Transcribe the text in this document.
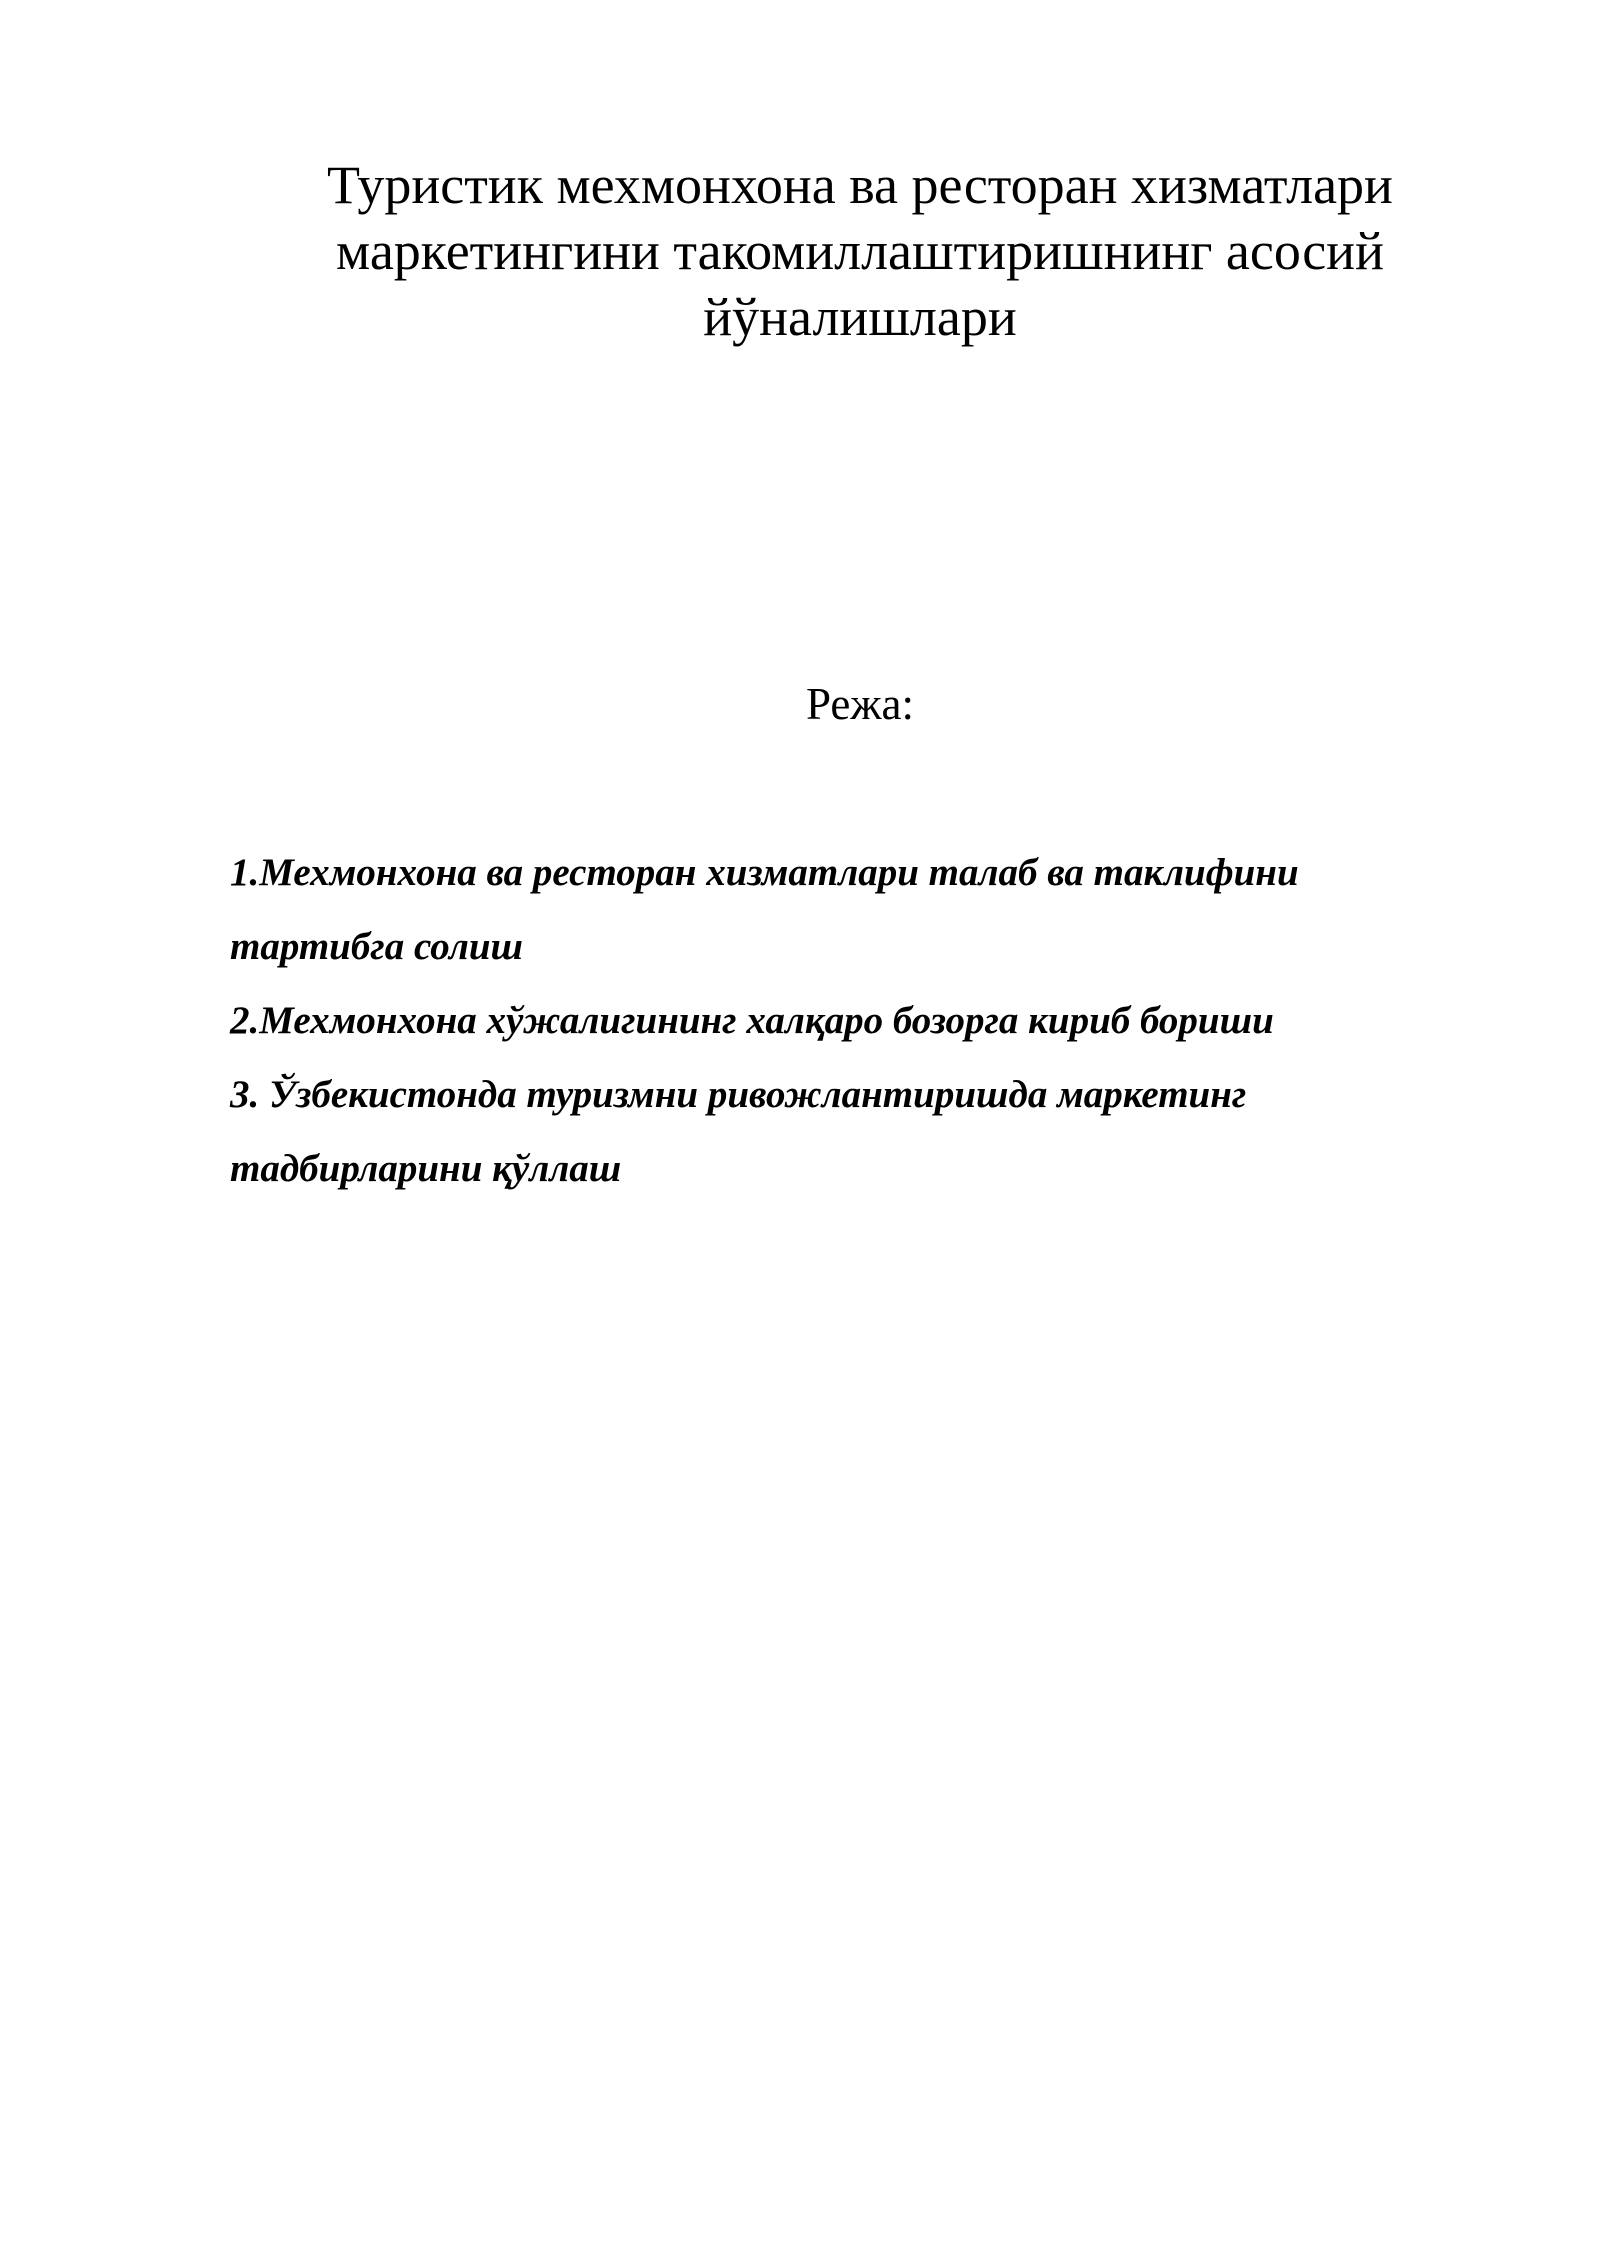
Туристик мехмонхона ва ресторан хизматлари
маркетингини такомиллаштиришнинг асосий
йўналишлари
Режа:
1.Мехмонхона ва ресторан хизматлари талаб ва таклифини
тартибга солиш
2.Мехмонхона хўжалигининг халқаро бозорга кириб бориши
3. Ўзбекистонда туризмни ривожлантиришда маркетинг
тадбирларини қўллаш
